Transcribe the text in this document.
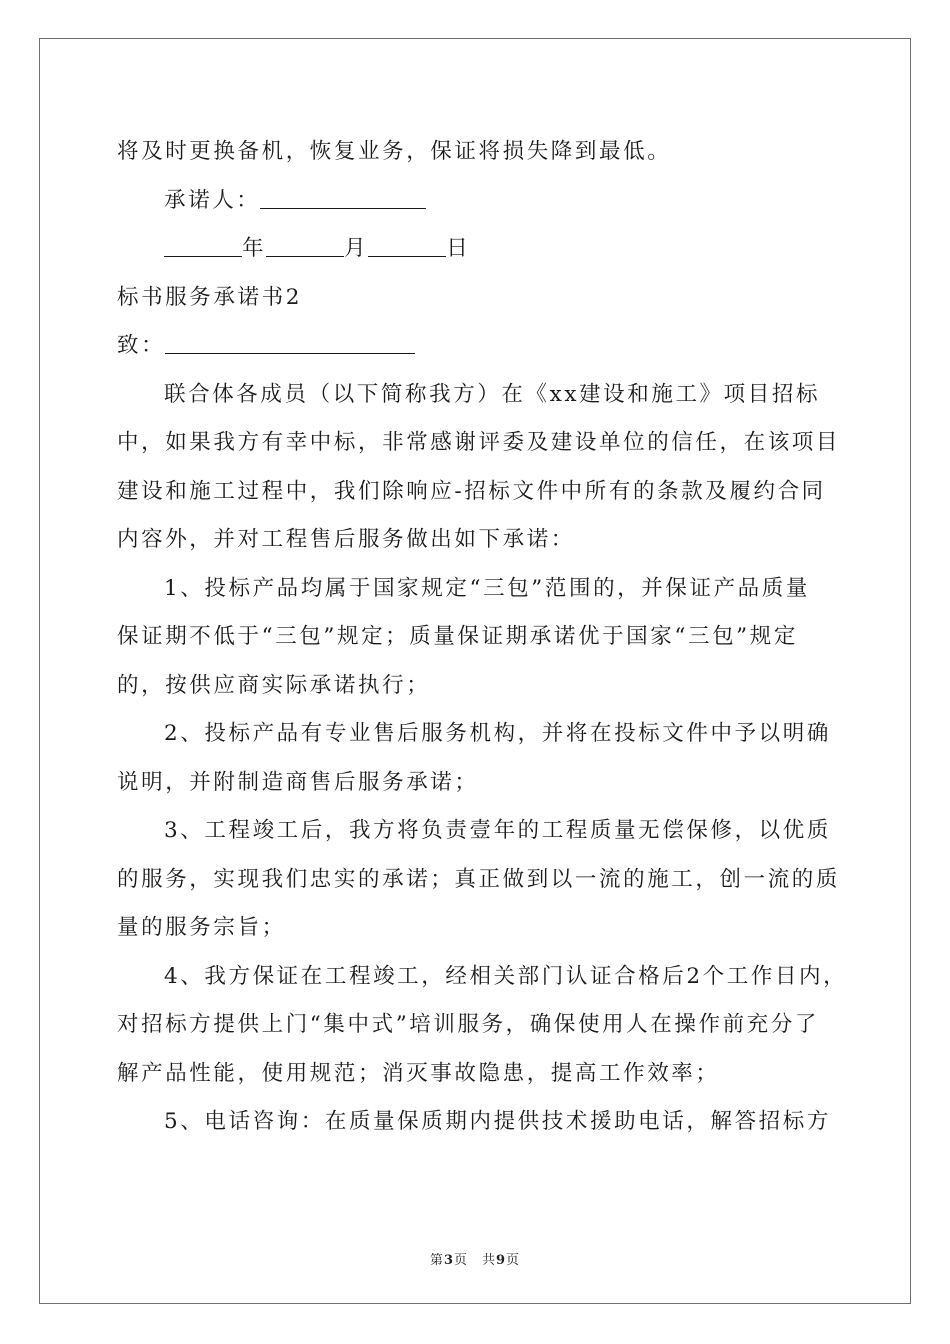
将及时更换备机，恢复业务，保证将损失降到最低。
承诺人：
年	月	日
标书服务承诺书2
致：
联合体各成员（以下简称我方）在《xx建设和施工》项目招标
中，如果我方有幸中标，非常感谢评委及建设单位的信任，在该项目
建设和施工过程中，我们除响应-招标文件中所有的条款及履约合同
内容外，并对工程售后服务做出如下承诺：
1、投标产品均属于国家规定“三包”范围的，并保证产品质量
保证期不低于“三包”规定；质量保证期承诺优于国家“三包”规定
的，按供应商实际承诺执行；
2、投标产品有专业售后服务机构，并将在投标文件中予以明确
说明，并附制造商售后服务承诺；
3、工程竣工后，我方将负责壹年的工程质量无偿保修，以优质
的服务，实现我们忠实的承诺；真正做到以一流的施工，创一流的质
量的服务宗旨；
4、我方保证在工程竣工，经相关部门认证合格后2个工作日内，
对招标方提供上门“集中式”培训服务，确保使用人在操作前充分了
解产品性能，使用规范；消灭事故隐患，提高工作效率；
5、电话咨询：在质量保质期内提供技术援助电话，解答招标方
第3页　共9页
